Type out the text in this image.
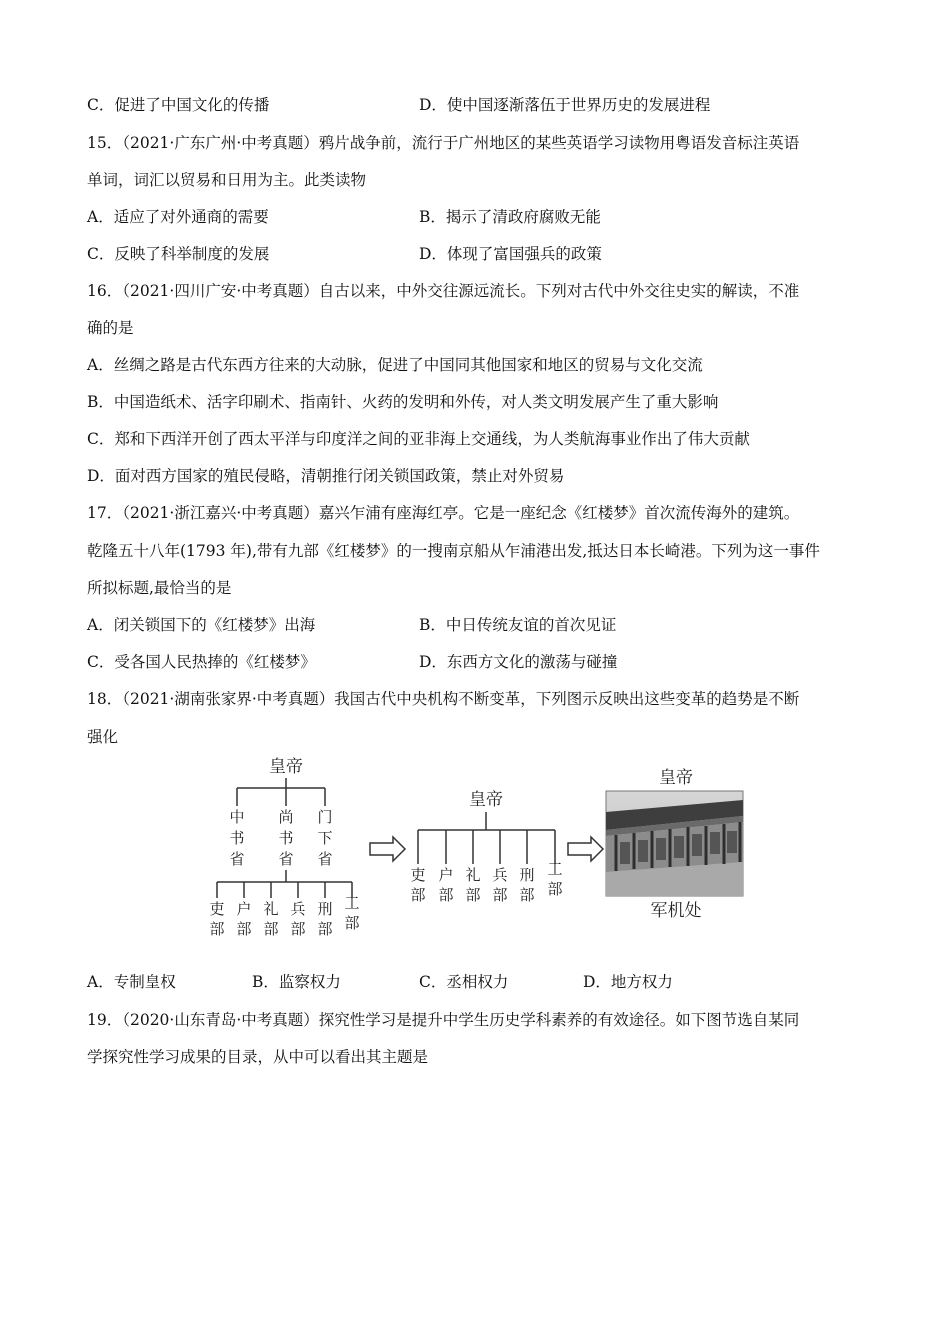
C．促进了中国文化的传播	D．使中国逐渐落伍于世界历史的发展进程
15．（2021·广东广州·中考真题）鸦片战争前，流行于广州地区的某些英语学习读物用粤语发音标注英语
单词，词汇以贸易和日用为主。此类读物
A．适应了对外通商的需要	B．揭示了清政府腐败无能
C．反映了科举制度的发展	D．体现了富国强兵的政策
16．（2021·四川广安·中考真题）自古以来，中外交往源远流长。下列对古代中外交往史实的解读，不准
确的是
A．丝绸之路是古代东西方往来的大动脉，促进了中国同其他国家和地区的贸易与文化交流
B．中国造纸术、活字印刷术、指南针、火药的发明和外传，对人类文明发展产生了重大影响
C．郑和下西洋开创了西太平洋与印度洋之间的亚非海上交通线，为人类航海事业作出了伟大贡献
D．面对西方国家的殖民侵略，清朝推行闭关锁国政策，禁止对外贸易
17．（2021·浙江嘉兴·中考真题）嘉兴乍浦有座海红亭。它是一座纪念《红楼梦》首次流传海外的建筑。
乾隆五十八年(1793 年),带有九部《红楼梦》的一搜南京船从乍浦港出发,抵达日本长崎港。下列为这一事件
所拟标题,最恰当的是
A．闭关锁国下的《红楼梦》出海	B．中日传统友谊的首次见证
C．受各国人民热捧的《红楼梦》	D．东西方文化的激荡与碰撞
18．（2021·湖南张家界·中考真题）我国古代中央机构不断变革，下列图示反映出这些变革的趋势是不断
强化
皇帝
中书省
尚书省
门下省
吏部
户部
礼部
兵部
刑部
工部
皇帝
吏部
户部
礼部
兵部
刑部
工部
皇帝
军机处
A．专制皇权	B．监察权力	C．丞相权力	D．地方权力
19．（2020·山东青岛·中考真题）探究性学习是提升中学生历史学科素养的有效途径。如下图节选自某同
学探究性学习成果的目录，从中可以看出其主题是
